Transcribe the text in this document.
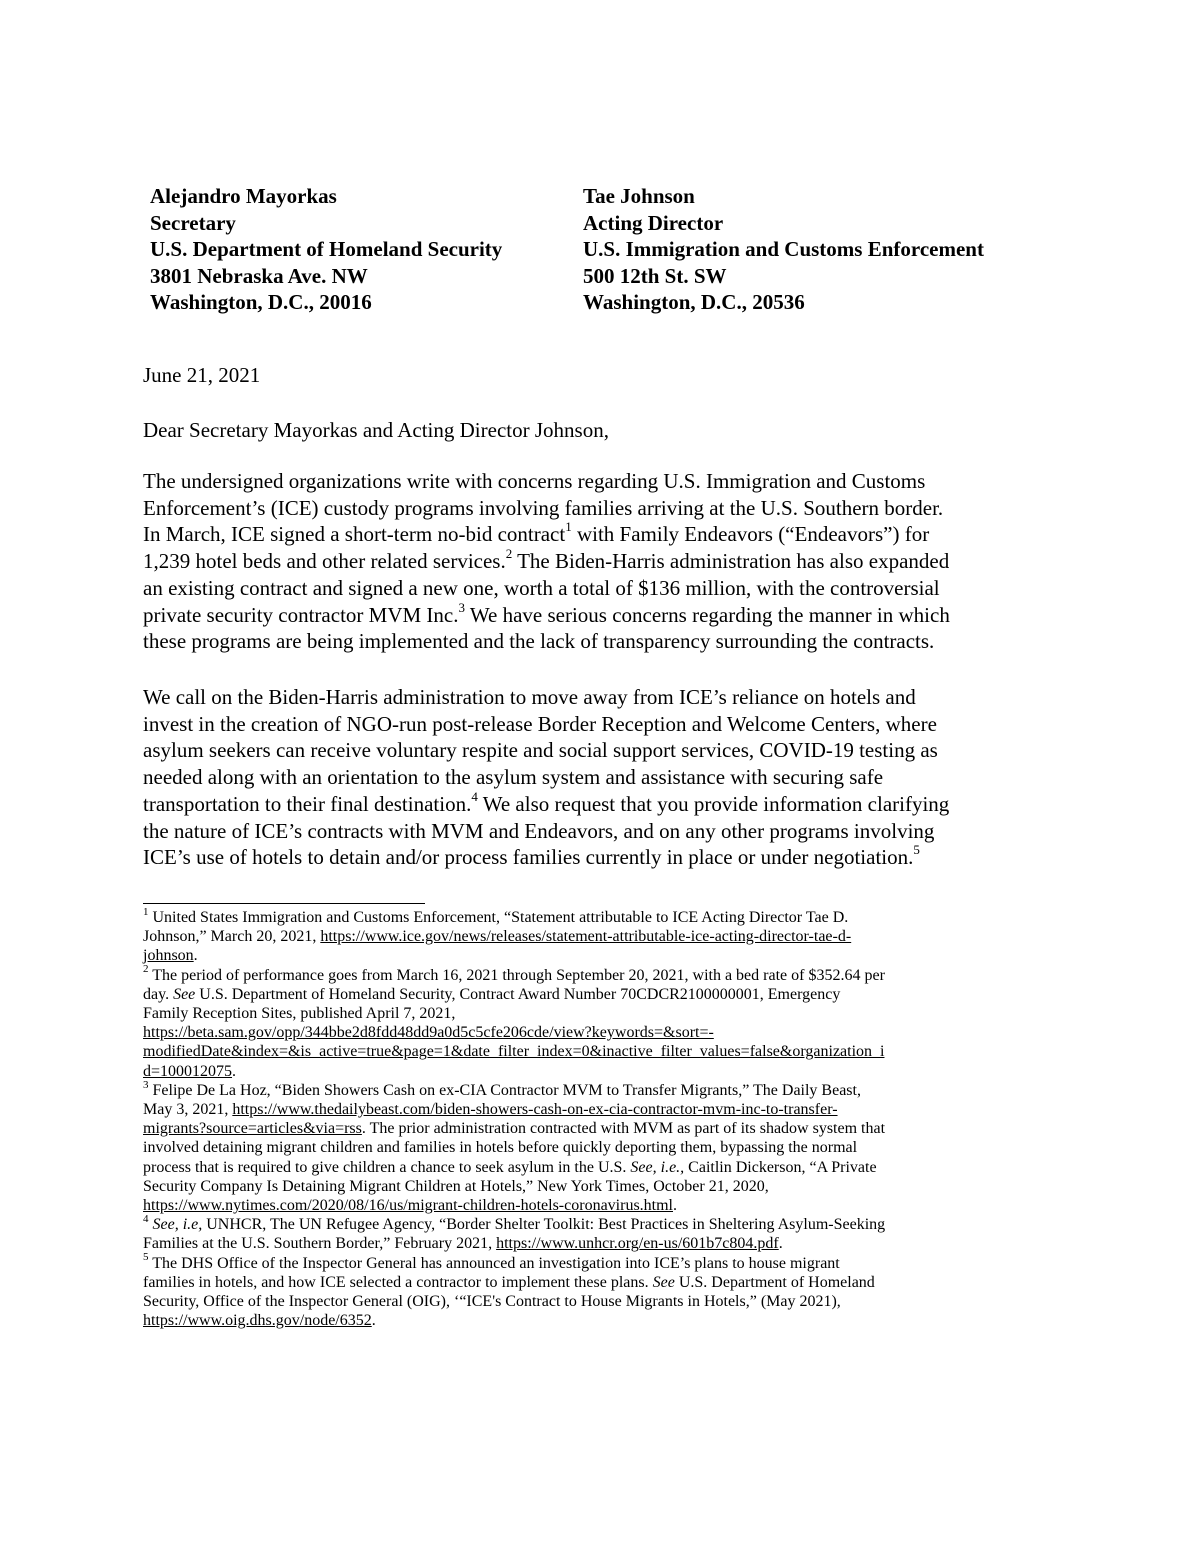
Alejandro Mayorkas
Secretary
U.S. Department of Homeland Security
3801 Nebraska Ave. NW
Washington, D.C., 20016
Tae Johnson
Acting Director
U.S. Immigration and Customs Enforcement
500 12th St. SW
Washington, D.C., 20536
June 21, 2021
Dear Secretary Mayorkas and Acting Director Johnson,
The undersigned organizations write with concerns regarding U.S. Immigration and Customs
Enforcement’s (ICE) custody programs involving families arriving at the U.S. Southern border.
In March, ICE signed a short-term no-bid contract$^1$ with Family Endeavors (“Endeavors”) for
1,239 hotel beds and other related services.$^2$ The Biden-Harris administration has also expanded
an existing contract and signed a new one, worth a total of $136 million, with the controversial
private security contractor MVM Inc.$^3$ We have serious concerns regarding the manner in which
these programs are being implemented and the lack of transparency surrounding the contracts.
We call on the Biden-Harris administration to move away from ICE’s reliance on hotels and
invest in the creation of NGO-run post-release Border Reception and Welcome Centers, where
asylum seekers can receive voluntary respite and social support services, COVID-19 testing as
needed along with an orientation to the asylum system and assistance with securing safe
transportation to their final destination.$^4$ We also request that you provide information clarifying
the nature of ICE’s contracts with MVM and Endeavors, and on any other programs involving
ICE’s use of hotels to detain and/or process families currently in place or under negotiation.$^5$
$^1$ United States Immigration and Customs Enforcement, “Statement attributable to ICE Acting Director Tae D.
Johnson,” March 20, 2021, https://www.ice.gov/news/releases/statement-attributable-ice-acting-director-tae-d-
johnson.
$^2$ The period of performance goes from March 16, 2021 through September 20, 2021, with a bed rate of $352.64 per
day. See U.S. Department of Homeland Security, Contract Award Number 70CDCR2100000001, Emergency
Family Reception Sites, published April 7, 2021,
https://beta.sam.gov/opp/344bbe2d8fdd48dd9a0d5c5cfe206cde/view?keywords=&sort=-
modifiedDate&index=&is_active=true&page=1&date_filter_index=0&inactive_filter_values=false&organization_i
d=100012075.
$^3$ Felipe De La Hoz, “Biden Showers Cash on ex-CIA Contractor MVM to Transfer Migrants,” The Daily Beast,
May 3, 2021, https://www.thedailybeast.com/biden-showers-cash-on-ex-cia-contractor-mvm-inc-to-transfer-
migrants?source=articles&via=rss. The prior administration contracted with MVM as part of its shadow system that
involved detaining migrant children and families in hotels before quickly deporting them, bypassing the normal
process that is required to give children a chance to seek asylum in the U.S. See, i.e., Caitlin Dickerson, “A Private
Security Company Is Detaining Migrant Children at Hotels,” New York Times, October 21, 2020,
https://www.nytimes.com/2020/08/16/us/migrant-children-hotels-coronavirus.html.
$^4$ See, i.e, UNHCR, The UN Refugee Agency, “Border Shelter Toolkit: Best Practices in Sheltering Asylum-Seeking
Families at the U.S. Southern Border,” February 2021, https://www.unhcr.org/en-us/601b7c804.pdf.
$^5$ The DHS Office of the Inspector General has announced an investigation into ICE’s plans to house migrant
families in hotels, and how ICE selected a contractor to implement these plans. See U.S. Department of Homeland
Security, Office of the Inspector General (OIG), ‘“ICE's Contract to House Migrants in Hotels,” (May 2021),
https://www.oig.dhs.gov/node/6352.
